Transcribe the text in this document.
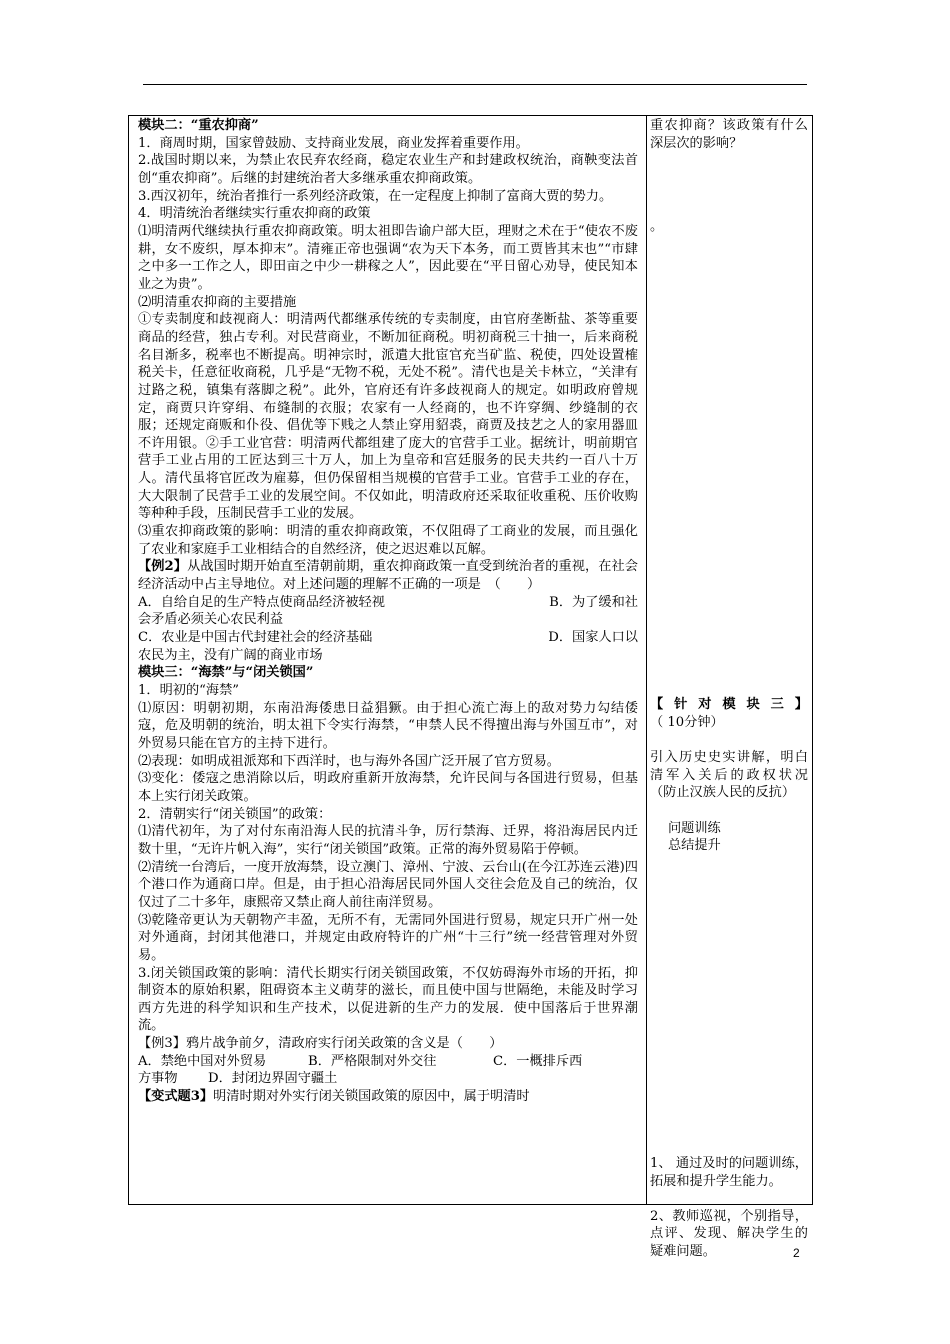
模块二：“重农抑商”

1．商周时期，国家曾鼓励、支持商业发展，商业发挥着重要作用。

2.战国时期以来，为禁止农民弃农经商，稳定农业生产和封建政权统治，商鞅变法首创“重农抑商”。后继的封建统治者大多继承重农抑商政策。

3.西汉初年，统治者推行一系列经济政策，在一定程度上抑制了富商大贾的势力。

4．明清统治者继续实行重农抑商的政策

⑴明清两代继续执行重农抑商政策。明太祖即告谕户部大臣，理财之术在于“使农不废耕，女不废织，厚本抑末”。清雍正帝也强调“农为天下本务，而工贾皆其末也”“市肆之中多一工作之人，即田亩之中少一耕稼之人”，因此要在“平日留心劝导，使民知本业之为贵”。

⑵明清重农抑商的主要措施

①专卖制度和歧视商人：明清两代都继承传统的专卖制度，由官府垄断盐、茶等重要商品的经营，独占专利。对民营商业，不断加征商税。明初商税三十抽一，后来商税名目渐多，税率也不断提高。明神宗时，派遣大批宦官充当矿监、税使，四处设置榷税关卡，任意征收商税，几乎是“无物不税，无处不税”。清代也是关卡林立，“关津有过路之税，镇集有落脚之税”。此外，官府还有许多歧视商人的规定。如明政府曾规定，商贾只许穿绢、布缝制的衣服；农家有一人经商的，也不许穿绸、纱缝制的衣服；还规定商贩和仆役、倡优等下贱之人禁止穿用貂裘，商贾及技艺之人的家用器皿不许用银。②手工业官营：明清两代都组建了庞大的官营手工业。据统计，明前期官营手工业占用的工匠达到三十万人，加上为皇帝和宫廷服务的民夫共约一百八十万人。清代虽将官匠改为雇募，但仍保留相当规模的官营手工业。官营手工业的存在，大大限制了民营手工业的发展空间。不仅如此，明清政府还采取征收重税、压价收购等种种手段，压制民营手工业的发展。

⑶重农抑商政策的影响：明清的重农抑商政策，不仅阻碍了工商业的发展，而且强化了农业和家庭手工业相结合的自然经济，使之迟迟难以瓦解。

【例2】从战国时期开始直至清朝前期，重农抑商政策一直受到统治者的重视，在社会经济活动中占主导地位。对上述问题的理解不正确的一项是　（　　）

A．自给自足的生产特点使商品经济被轻视	B．为了缓和社

会矛盾必须关心农民利益

C．农业是中国古代封建社会的经济基础	D．国家人口以

农民为主，没有广阔的商业市场

模块三：“海禁”与“闭关锁国”

1．明初的“海禁”

⑴原因：明朝初期，东南沿海倭患日益猖獗。由于担心流亡海上的敌对势力勾结倭寇，危及明朝的统治，明太祖下令实行海禁，“申禁人民不得擅出海与外国互市”，对外贸易只能在官方的主持下进行。

⑵表现：如明成祖派郑和下西洋时，也与海外各国广泛开展了官方贸易。

⑶变化：倭寇之患消除以后，明政府重新开放海禁，允许民间与各国进行贸易，但基本上实行闭关政策。

2．清朝实行“闭关锁国”的政策：

⑴清代初年，为了对付东南沿海人民的抗清斗争，厉行禁海、迁界，将沿海居民内迁数十里，“无许片帆入海”，实行“闭关锁国”政策。正常的海外贸易陷于停顿。

⑵清统一台湾后，一度开放海禁，设立澳门、漳州、宁波、云台山(在今江苏连云港)四个港口作为通商口岸。但是，由于担心沿海居民同外国人交往会危及自己的统治，仅仅过了二十多年，康熙帝又禁止商人前往南洋贸易。

⑶乾隆帝更认为天朝物产丰盈，无所不有，无需同外国进行贸易，规定只开广州一处对外通商，封闭其他港口，并规定由政府特许的广州“十三行”统一经营管理对外贸易。

3.闭关锁国政策的影响：清代长期实行闭关锁国政策，不仅妨碍海外市场的开拓，抑制资本的原始积累，阻碍资本主义萌芽的滋长，而且使中国与世隔绝，未能及时学习西方先进的科学知识和生产技术，以促进新的生产力的发展．使中国落后于世界潮流。

【例3】鸦片战争前夕，清政府实行闭关政策的含义是（　　）

A．禁绝中国对外贸易	B．严格限制对外交往	C．一概排斥西

方事物	D．封闭边界固守疆土

【变式题3】明清时期对外实行闭关锁国政策的原因中，属于明清时

重农抑商？该政策有什么深层次的影响？

。

【针对模块三】（ 10分钟）

引入历史史实讲解，明白清军入关后的政权状况（防止汉族人民的反抗）

问题训练

总结提升

1、 通过及时的问题训练，拓展和提升学生能力。

2、教师巡视，个别指导，点评、发现、解决学生的疑难问题。	2
